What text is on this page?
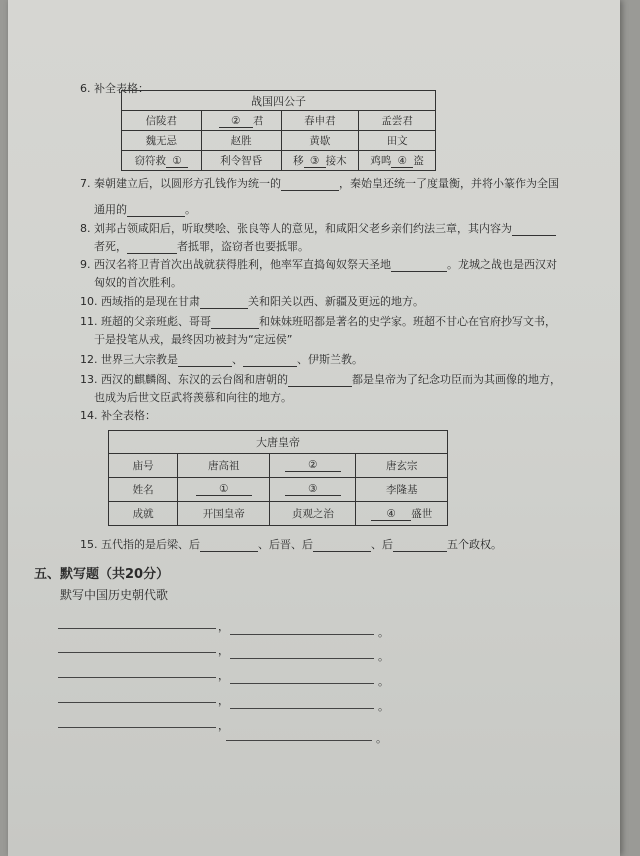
6. 补全表格：
战国四公子			
信陵君	② 君	春申君	孟尝君
魏无忌	赵胜	黄歇	田文
窃符救 ①	利令智昏	移 ③ 接木	鸡鸣 ④ 盗
7. 秦朝建立后，以圆形方孔钱作为统一的	，秦始皇还统一了度量衡，并将小篆作为全国
通用的	。
8. 刘邦占领咸阳后，听取樊哙、张良等人的意见，和咸阳父老乡亲们约法三章，其内容为
者死，	者抵罪，盗窃者也要抵罪。
9. 西汉名将卫青首次出战就获得胜利，他率军直捣匈奴祭天圣地	。龙城之战也是西汉对
匈奴的首次胜利。
10. 西域指的是现在甘肃	关和阳关以西、新疆及更远的地方。
11. 班超的父亲班彪、哥哥	和妹妹班昭都是著名的史学家。班超不甘心在官府抄写文书，
于是投笔从戎，最终因功被封为“定远侯”
12. 世界三大宗教是	、	、伊斯兰教。
13. 西汉的麒麟阁、东汉的云台阁和唐朝的	都是皇帝为了纪念功臣而为其画像的地方，
也成为后世文臣武将羡慕和向往的地方。
14. 补全表格：
大唐皇帝			
庙号	唐高祖	②	唐玄宗
姓名	①	③	李隆基
成就	开国皇帝	贞观之治	④ 盛世
15. 五代指的是后梁、后	、后晋、后	、后	五个政权。
五、默写题（共20分）
默写中国历史朝代歌
，	。
，	。
，	。
，	。
，
。
